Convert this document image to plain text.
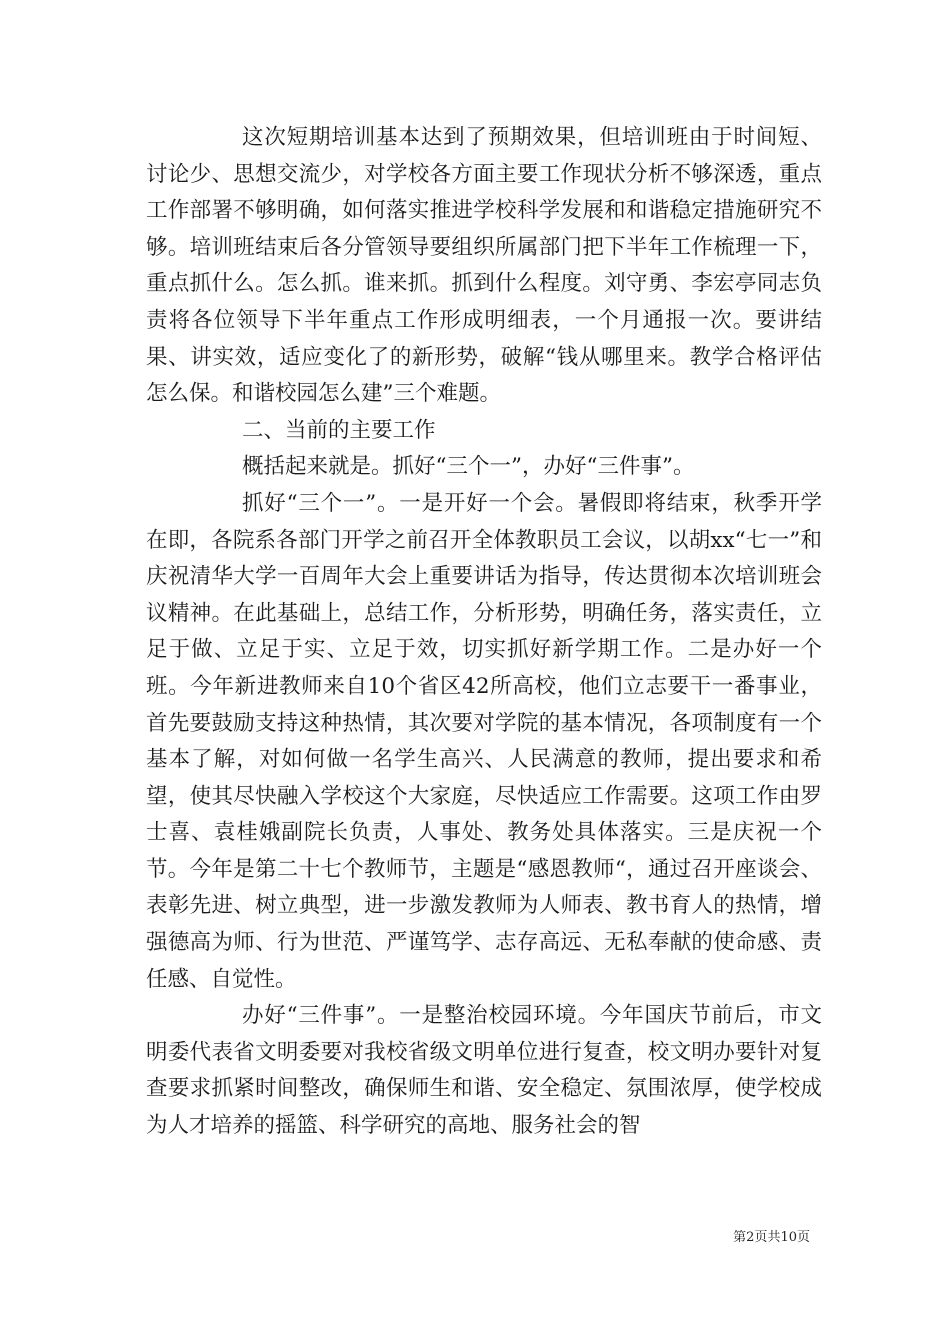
这次短期培训基本达到了预期效果，但培训班由于时间短、讨论少、思想交流少，对学校各方面主要工作现状分析不够深透，重点工作部署不够明确，如何落实推进学校科学发展和和谐稳定措施研究不够。培训班结束后各分管领导要组织所属部门把下半年工作梳理一下，重点抓什么。怎么抓。谁来抓。抓到什么程度。刘守勇、李宏亭同志负责将各位领导下半年重点工作形成明细表，一个月通报一次。要讲结果、讲实效，适应变化了的新形势，破解“钱从哪里来。教学合格评估怎么保。和谐校园怎么建”三个难题。

二、当前的主要工作

概括起来就是。抓好“三个一”，办好“三件事”。

抓好“三个一”。一是开好一个会。暑假即将结束，秋季开学在即，各院系各部门开学之前召开全体教职员工会议，以胡xx“七一”和庆祝清华大学一百周年大会上重要讲话为指导，传达贯彻本次培训班会议精神。在此基础上，总结工作，分析形势，明确任务，落实责任，立足于做、立足于实、立足于效，切实抓好新学期工作。二是办好一个班。今年新进教师来自10个省区42所高校，他们立志要干一番事业，首先要鼓励支持这种热情，其次要对学院的基本情况，各项制度有一个基本了解，对如何做一名学生高兴、人民满意的教师，提出要求和希望，使其尽快融入学校这个大家庭，尽快适应工作需要。这项工作由罗士喜、袁桂娥副院长负责，人事处、教务处具体落实。三是庆祝一个节。今年是第二十七个教师节，主题是“感恩教师“，通过召开座谈会、表彰先进、树立典型，进一步激发教师为人师表、教书育人的热情，增强德高为师、行为世范、严谨笃学、志存高远、无私奉献的使命感、责任感、自觉性。

办好“三件事”。一是整治校园环境。今年国庆节前后，市文明委代表省文明委要对我校省级文明单位进行复查，校文明办要针对复查要求抓紧时间整改，确保师生和谐、安全稳定、氛围浓厚，使学校成为人才培养的摇篮、科学研究的高地、服务社会的智

第2页共10页
